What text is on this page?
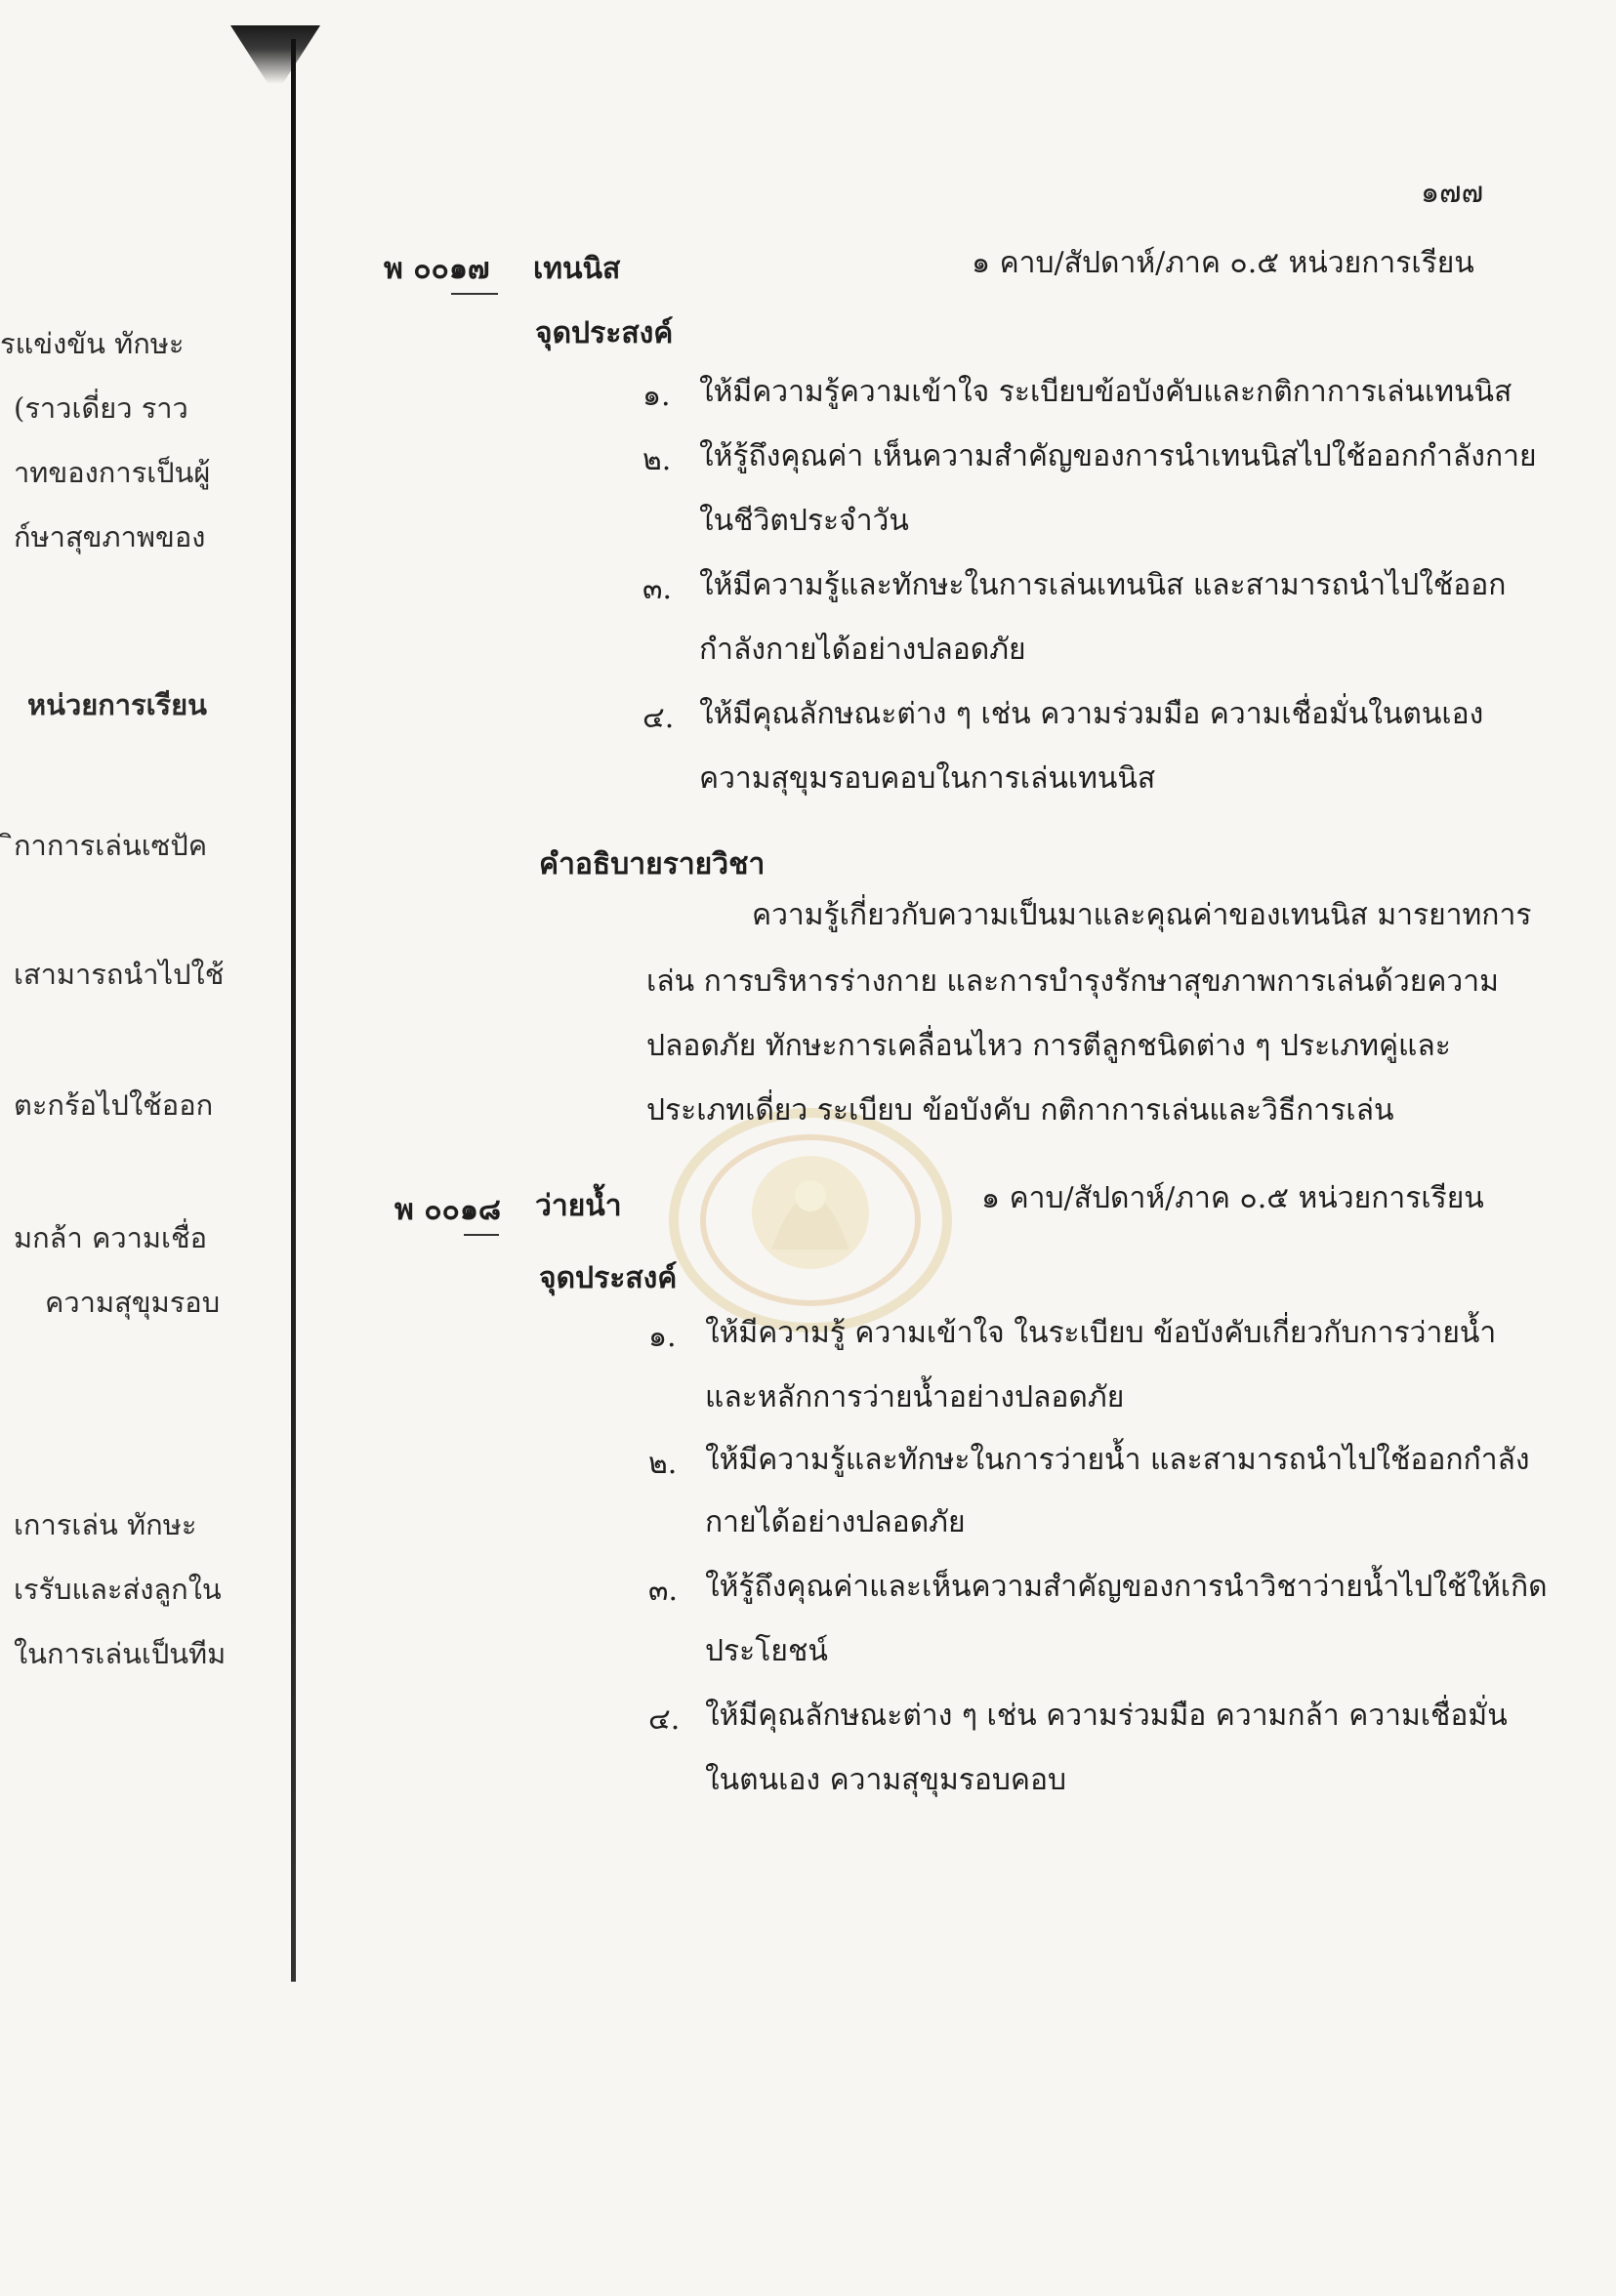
๑๗๗
รแข่งขัน ทักษะ
(ราวเดี่ยว ราว
าทของการเป็นผู้
ก์ษาสุขภาพของ
หน่วยการเรียน
ิกาการเล่นเซปัค
เสามารถนำไปใช้
ตะกร้อไปใช้ออก
มกล้า ความเชื่อ
ความสุขุมรอบ
เการเล่น ทักษะ
เรรับและส่งลูกใน
ในการเล่นเป็นทีม
พ ๐๐๑๗ เทนนิส	๑ คาบ/สัปดาห์/ภาค ๐.๕ หน่วยการเรียน
จุดประสงค์
๑. ให้มีความรู้ความเข้าใจ ระเบียบข้อบังคับและกติกาการเล่นเทนนิส
๒. ให้รู้ถึงคุณค่า เห็นความสำคัญของการนำเทนนิสไปใช้ออกกำลังกาย
ในชีวิตประจำวัน
๓. ให้มีความรู้และทักษะในการเล่นเทนนิส และสามารถนำไปใช้ออก
กำลังกายได้อย่างปลอดภัย
๔. ให้มีคุณลักษณะต่าง ๆ เช่น ความร่วมมือ ความเชื่อมั่นในตนเอง
ความสุขุมรอบคอบในการเล่นเทนนิส
คำอธิบายรายวิชา
ความรู้เกี่ยวกับความเป็นมาและคุณค่าของเทนนิส มารยาทการ
เล่น การบริหารร่างกาย และการบำรุงรักษาสุขภาพการเล่นด้วยความ
ปลอดภัย ทักษะการเคลื่อนไหว การตีลูกชนิดต่าง ๆ ประเภทคู่และ
ประเภทเดี่ยว ระเบียบ ข้อบังคับ กติกาการเล่นและวิธีการเล่น
พ ๐๐๑๘ ว่ายน้ำ	๑ คาบ/สัปดาห์/ภาค ๐.๕ หน่วยการเรียน
จุดประสงค์
๑. ให้มีความรู้ ความเข้าใจ ในระเบียบ ข้อบังคับเกี่ยวกับการว่ายน้ำ
และหลักการว่ายน้ำอย่างปลอดภัย
๒. ให้มีความรู้และทักษะในการว่ายน้ำ และสามารถนำไปใช้ออกกำลัง
กายได้อย่างปลอดภัย
๓. ให้รู้ถึงคุณค่าและเห็นความสำคัญของการนำวิชาว่ายน้ำไปใช้ให้เกิด
ประโยชน์
๔. ให้มีคุณลักษณะต่าง ๆ เช่น ความร่วมมือ ความกล้า ความเชื่อมั่น
ในตนเอง ความสุขุมรอบคอบ
